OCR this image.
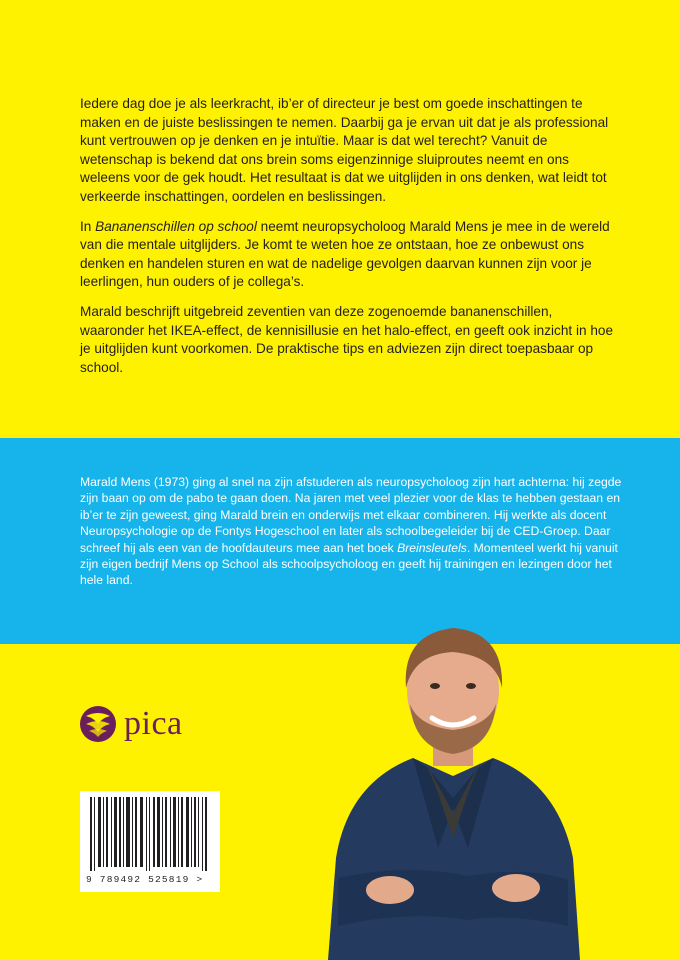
Iedere dag doe je als leerkracht, ib’er of directeur je best om goede inschattingen te maken en de juiste beslissingen te nemen. Daarbij ga je ervan uit dat je als professional kunt vertrouwen op je denken en je intuïtie. Maar is dat wel terecht? Vanuit de wetenschap is bekend dat ons brein soms eigenzinnige sluiproutes neemt en ons weleens voor de gek houdt. Het resultaat is dat we uitglijden in ons denken, wat leidt tot verkeerde inschattingen, oordelen en beslissingen.

In Bananenschillen op school neemt neuropsycholoog Marald Mens je mee in de wereld van die mentale uitglijders. Je komt te weten hoe ze ontstaan, hoe ze onbewust ons denken en handelen sturen en wat de nadelige gevolgen daarvan kunnen zijn voor je leerlingen, hun ouders of je collega’s.

Marald beschrijft uitgebreid zeventien van deze zogenoemde bananenschillen, waaronder het IKEA-effect, de kennisillusie en het halo-effect, en geeft ook inzicht in hoe je uitglijden kunt voorkomen. De praktische tips en adviezen zijn direct toepasbaar op school.

Marald Mens (1973) ging al snel na zijn afstuderen als neuropsycholoog zijn hart achterna: hij zegde zijn baan op om de pabo te gaan doen. Na jaren met veel plezier voor de klas te hebben gestaan en ib’er te zijn geweest, ging Marald brein en onderwijs met elkaar combineren. Hij werkte als docent Neuropsychologie op de Fontys Hogeschool en later als schoolbegeleider bij de CED-Groep. Daar schreef hij als een van de hoofdauteurs mee aan het boek Breinsleutels. Momenteel werkt hij vanuit zijn eigen bedrijf Mens op School als schoolpsycholoog en geeft hij trainingen en lezingen door het hele land.

pica
9 789492 525819 >
